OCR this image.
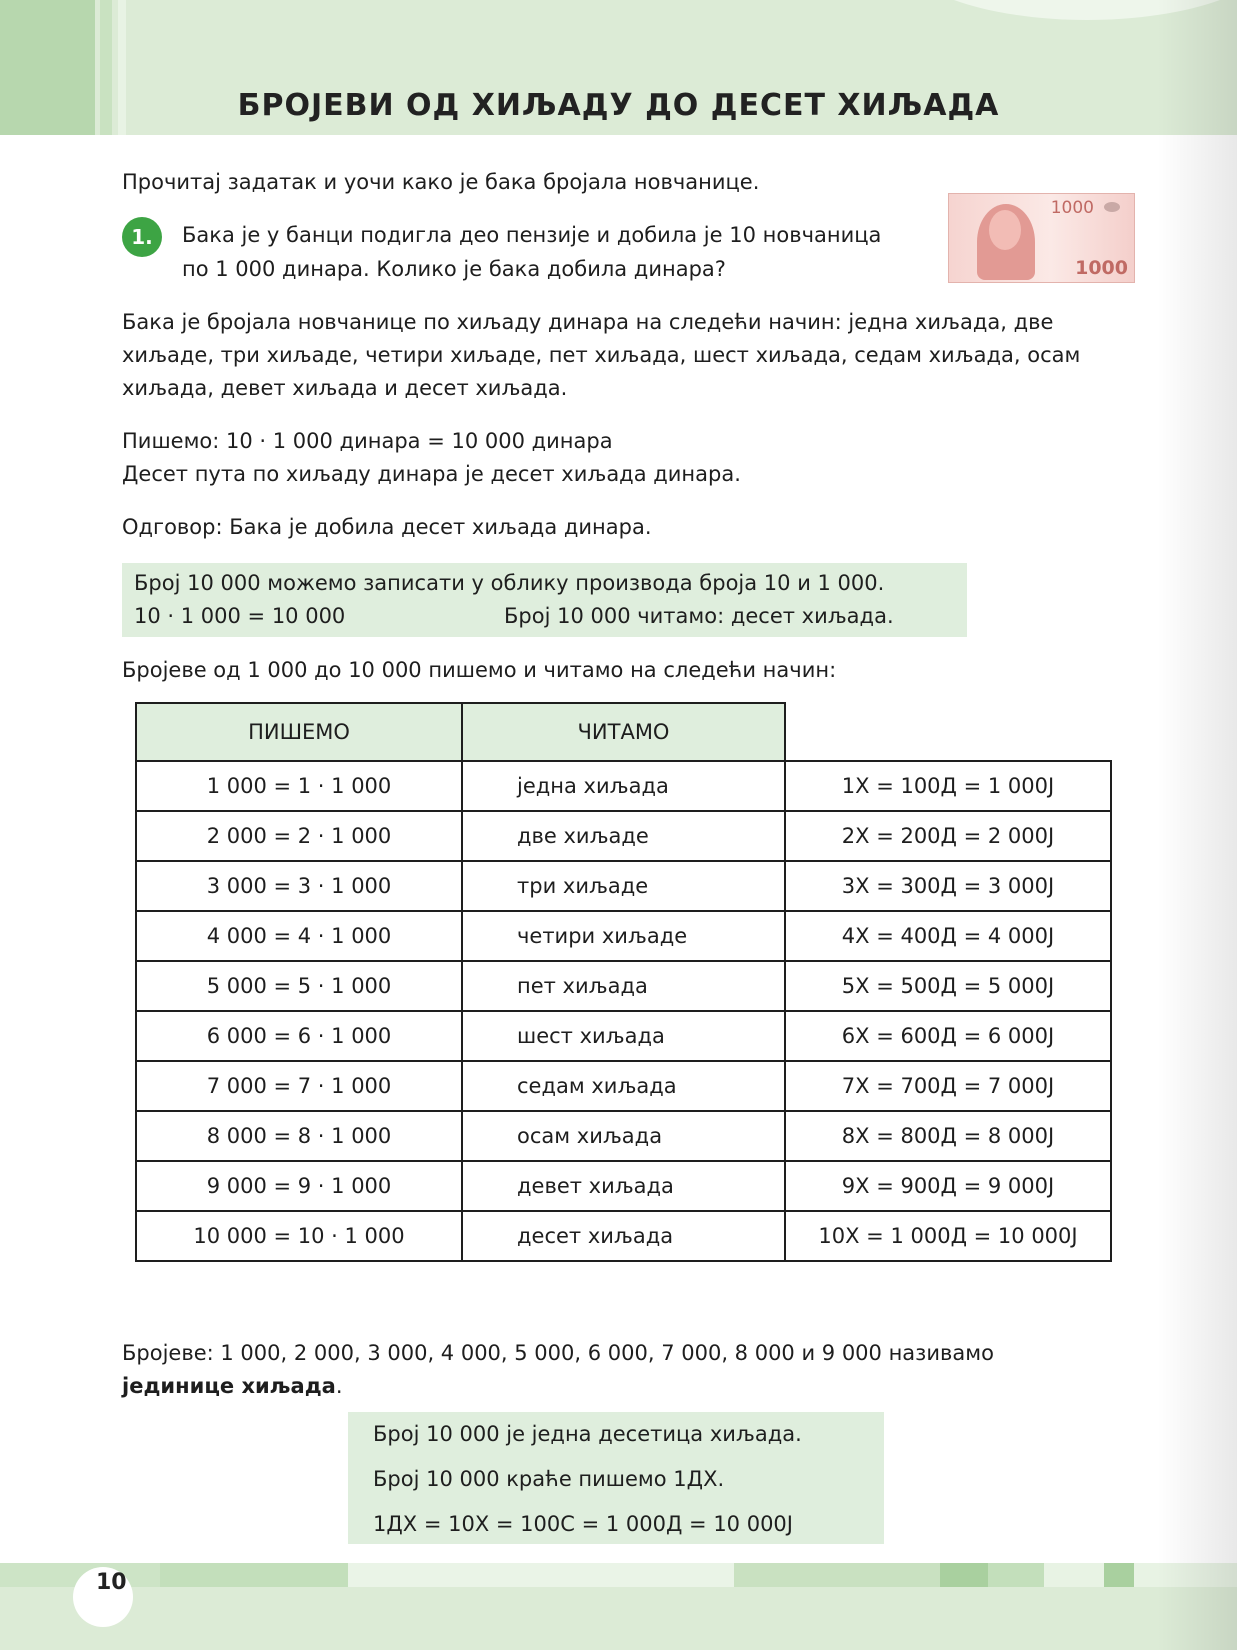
БРОЈЕВИ ОД ХИЉАДУ ДО ДЕСЕТ ХИЉАДА

Прочитај задатак и уочи како је бака бројала новчанице.

1.	Бака је у банци подигла део пензије и добила је 10 новчаница
по 1 000 динара. Колико је бака добила динара?
1000
1000
Бака је бројала новчанице по хиљаду динара на следећи начин: једна хиљада, две
хиљаде, три хиљаде, четири хиљаде, пет хиљада, шест хиљада, седам хиљада, осам
хиљада, девет хиљада и десет хиљада.
Пишемо: 10 · 1 000 динара = 10 000 динара
Десет пута по хиљаду динара је десет хиљада динара.

Одговор: Бака је добила десет хиљада динара.

Број 10 000 можемо записати у облику производа броја 10 и 1 000.
10 · 1 000 = 10 000	Број 10 000 читамо: десет хиљада.

Бројеве од 1 000 до 10 000 пишемо и читамо на следећи начин:

ПИШЕМО	ЧИТАМО	
1 000 = 1 · 1 000	једна хиљада	1Х = 100Д = 1 000Ј
2 000 = 2 · 1 000	две хиљаде	2Х = 200Д = 2 000Ј
3 000 = 3 · 1 000	три хиљаде	3Х = 300Д = 3 000Ј
4 000 = 4 · 1 000	четири хиљаде	4Х = 400Д = 4 000Ј
5 000 = 5 · 1 000	пет хиљада	5Х = 500Д = 5 000Ј
6 000 = 6 · 1 000	шест хиљада	6Х = 600Д = 6 000Ј
7 000 = 7 · 1 000	седам хиљада	7Х = 700Д = 7 000Ј
8 000 = 8 · 1 000	осам хиљада	8Х = 800Д = 8 000Ј
9 000 = 9 · 1 000	девет хиљада	9Х = 900Д = 9 000Ј
10 000 = 10 · 1 000	десет хиљада	10Х = 1 000Д = 10 000Ј
Бројеве: 1 000, 2 000, 3 000, 4 000, 5 000, 6 000, 7 000, 8 000 и 9 000 називамо
јединице хиљада.
Број 10 000 је једна десетица хиљада.
Број 10 000 краће пишемо 1ДХ.
1ДХ = 10Х = 100С = 1 000Д = 10 000Ј
10
